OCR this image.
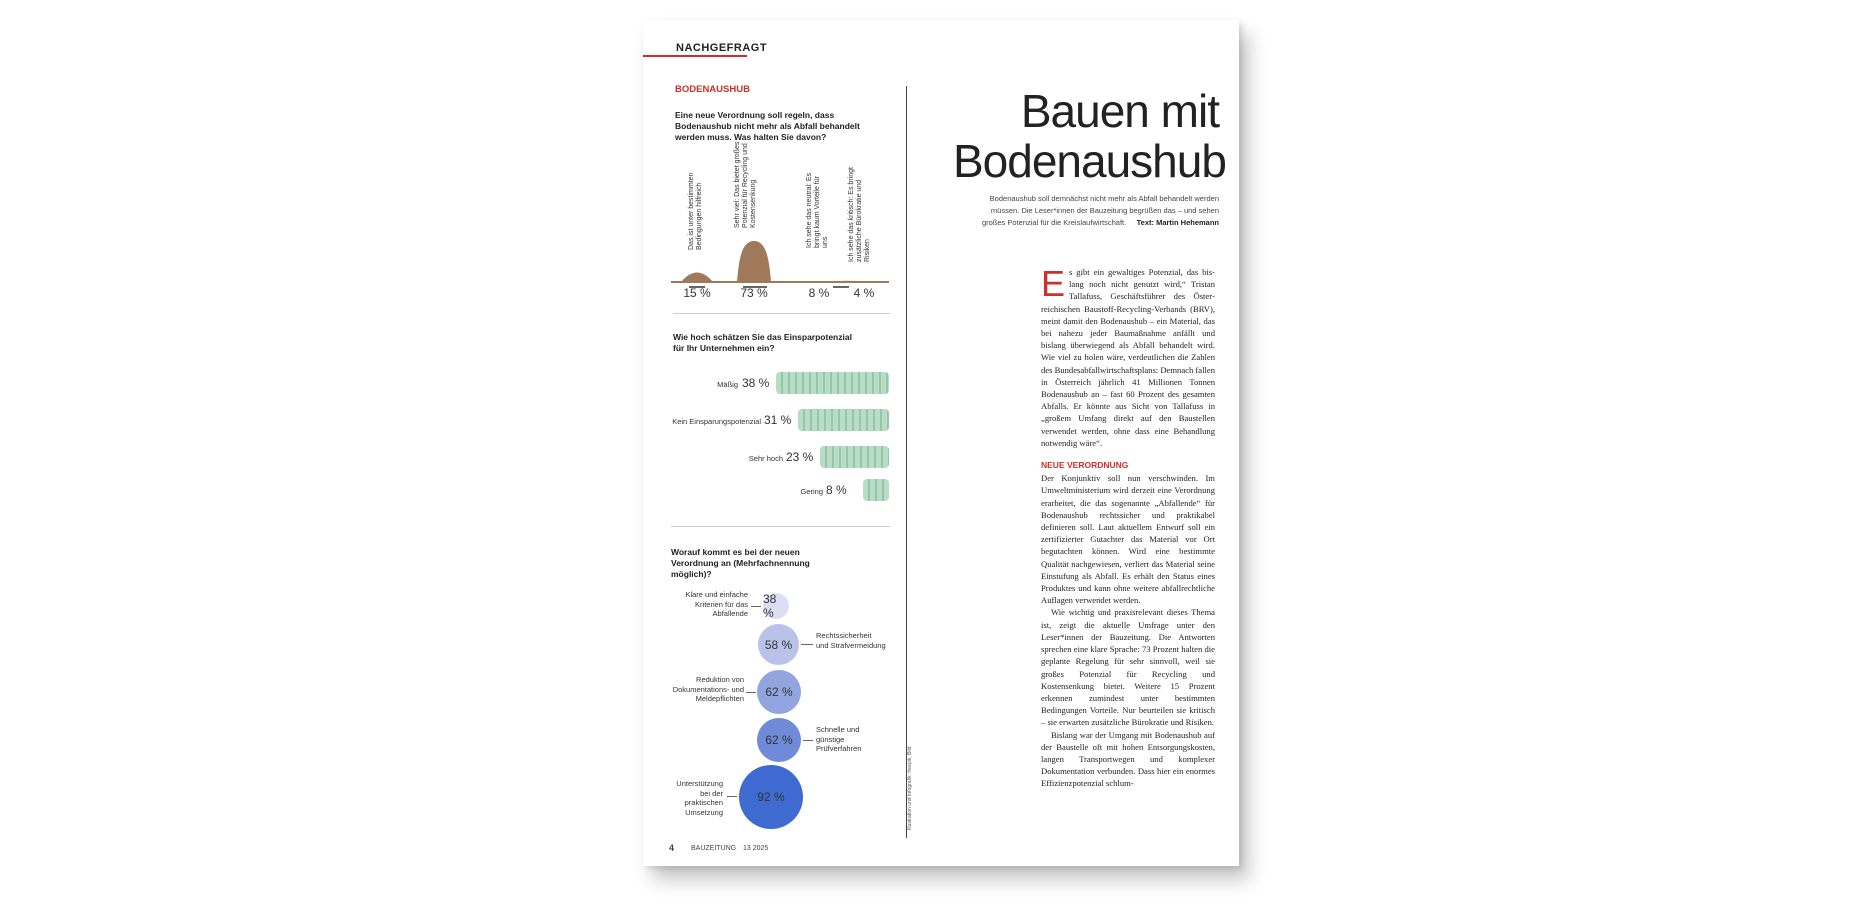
NACHGEFRAGT
BODENAUSHUB
Eine neue Verordnung soll regeln, dass Bodenaushub nicht mehr als Abfall behandelt werden muss. Was halten Sie davon?
Das ist unter bestimmten Bedingungen hilfreich	Sehr viel: Das bietet großes Potenzial für Recycling und Kostensenkung	Ich sehe das neutral: Es bringt kaum Vorteile für uns	Ich sehe das kritisch: Es bringt zusätzliche Bürokratie und Risiken
15 %	73 %	8 %	4 %
Wie hoch schätzen Sie das Einsparpotenzial für Ihr Unternehmen ein?
Mäßig 38 %
Kein Einsparungspotenzial 31 %
Sehr hoch 23 %
Gering 8 %
Worauf kommt es bei der neuen Verordnung an (Mehrfachnennung möglich)?
Klare und einfache Kriterien für das Abfallende
38 %
58 %
Rechtssicherheit und Strafvermeidung
Reduktion von Dokumentations- und Meldepflichten	62 %
62 %
Schnelle und günstige Prüfverfahren
Unterstützung bei der praktischen Umsetzung
92 %	Illustration und Infografik: freepik, Bild
4 BAUZEITUNG 13 2025
Bauen mit
Bodenaushub
Bodenaushub soll demnächst nicht mehr als Abfall behandelt werden
müssen. Die Leser*innen der Bauzeitung begrüßen das – und sehen
großes Potenzial für die Kreislaufwirtschaft. Text: Martin Hehemann

Es gibt ein gewaltiges Potenzial, das bislang noch nicht genutzt wird,“ Tristan Tallafuss, Geschäftsführer des Österreichischen Baustoff-Recycling-Verbands (BRV), meint damit den Bodenaushub – ein Material, das bei nahezu jeder Baumaßnahme anfällt und bislang überwiegend als Abfall behandelt wird. Wie viel zu holen wäre, verdeutlichen die Zahlen des Bundesabfallwirtschaftsplans: Demnach fallen in Österreich jährlich 41 Millionen Tonnen Bodenaushub an – fast 60 Prozent des gesamten Abfalls. Er könnte aus Sicht von Tallafuss in „großem Umfang direkt auf den Baustellen verwendet werden, ohne dass eine Behandlung notwendig wäre“.

NEUE VERORDNUNG

Der Konjunktiv soll nun verschwinden. Im Umweltministerium wird derzeit eine Verordnung erarbeitet, die das sogenannte „Abfallende“ für Bodenaushub rechtssicher und praktikabel definieren soll. Laut aktuellem Entwurf soll ein zertifizierter Gutachter das Material vor Ort begutachten können. Wird eine bestimmte Qualität nachgewiesen, verliert das Material seine Einstufung als Abfall. Es erhält den Status eines Produktes und kann ohne weitere abfallrechtliche Auflagen verwendet werden.

Wie wichtig und praxisrelevant dieses Thema ist, zeigt die aktuelle Umfrage unter den Leser*innen der Bauzeitung. Die Antworten sprechen eine klare Sprache: 73 Prozent halten die geplante Regelung für sehr sinnvoll, weil sie großes Potenzial für Recycling und Kostensenkung bietet. Weitere 15 Prozent erkennen zumindest unter bestimmten Bedingungen Vorteile. Nur beurteilen sie kritisch – sie erwarten zusätzliche Bürokratie und Risiken.

Bislang war der Umgang mit Bodenaushub auf der Baustelle oft mit hohen Entsorgungskosten, langen Transportwegen und komplexer Dokumentation verbunden. Dass hier ein enormes Effizienzpotenzial schlum-
